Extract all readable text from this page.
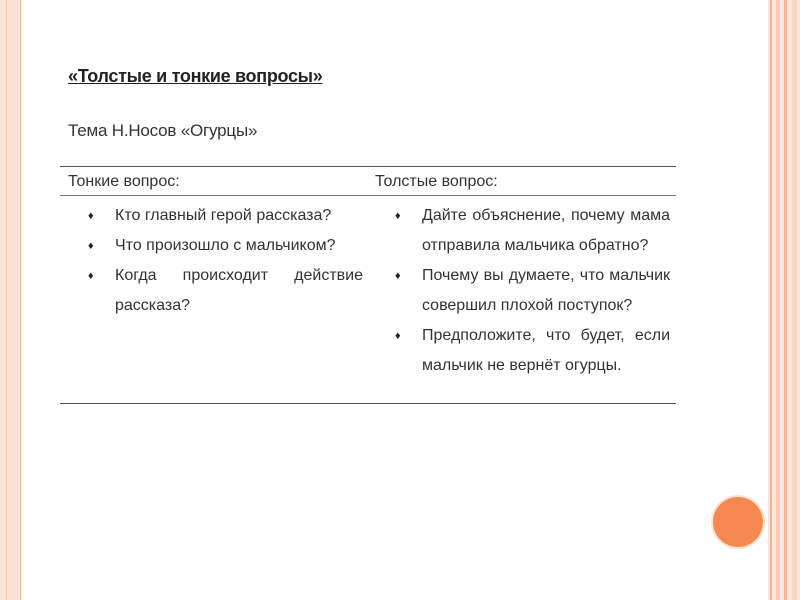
«Толстые и тонкие вопросы»
Тема Н.Носов «Огурцы»
Тонкие вопрос:	Толстые вопрос:
♦ Кто главный герой рассказа?
♦ Что произошло с мальчиком?
♦ Когда происходит действие рассказа?
♦ Дайте объяснение, почему мама отправила мальчика обратно?
♦ Почему вы думаете, что мальчик совершил плохой поступок?
♦ Предположите, что будет, если мальчик не вернёт огурцы.
